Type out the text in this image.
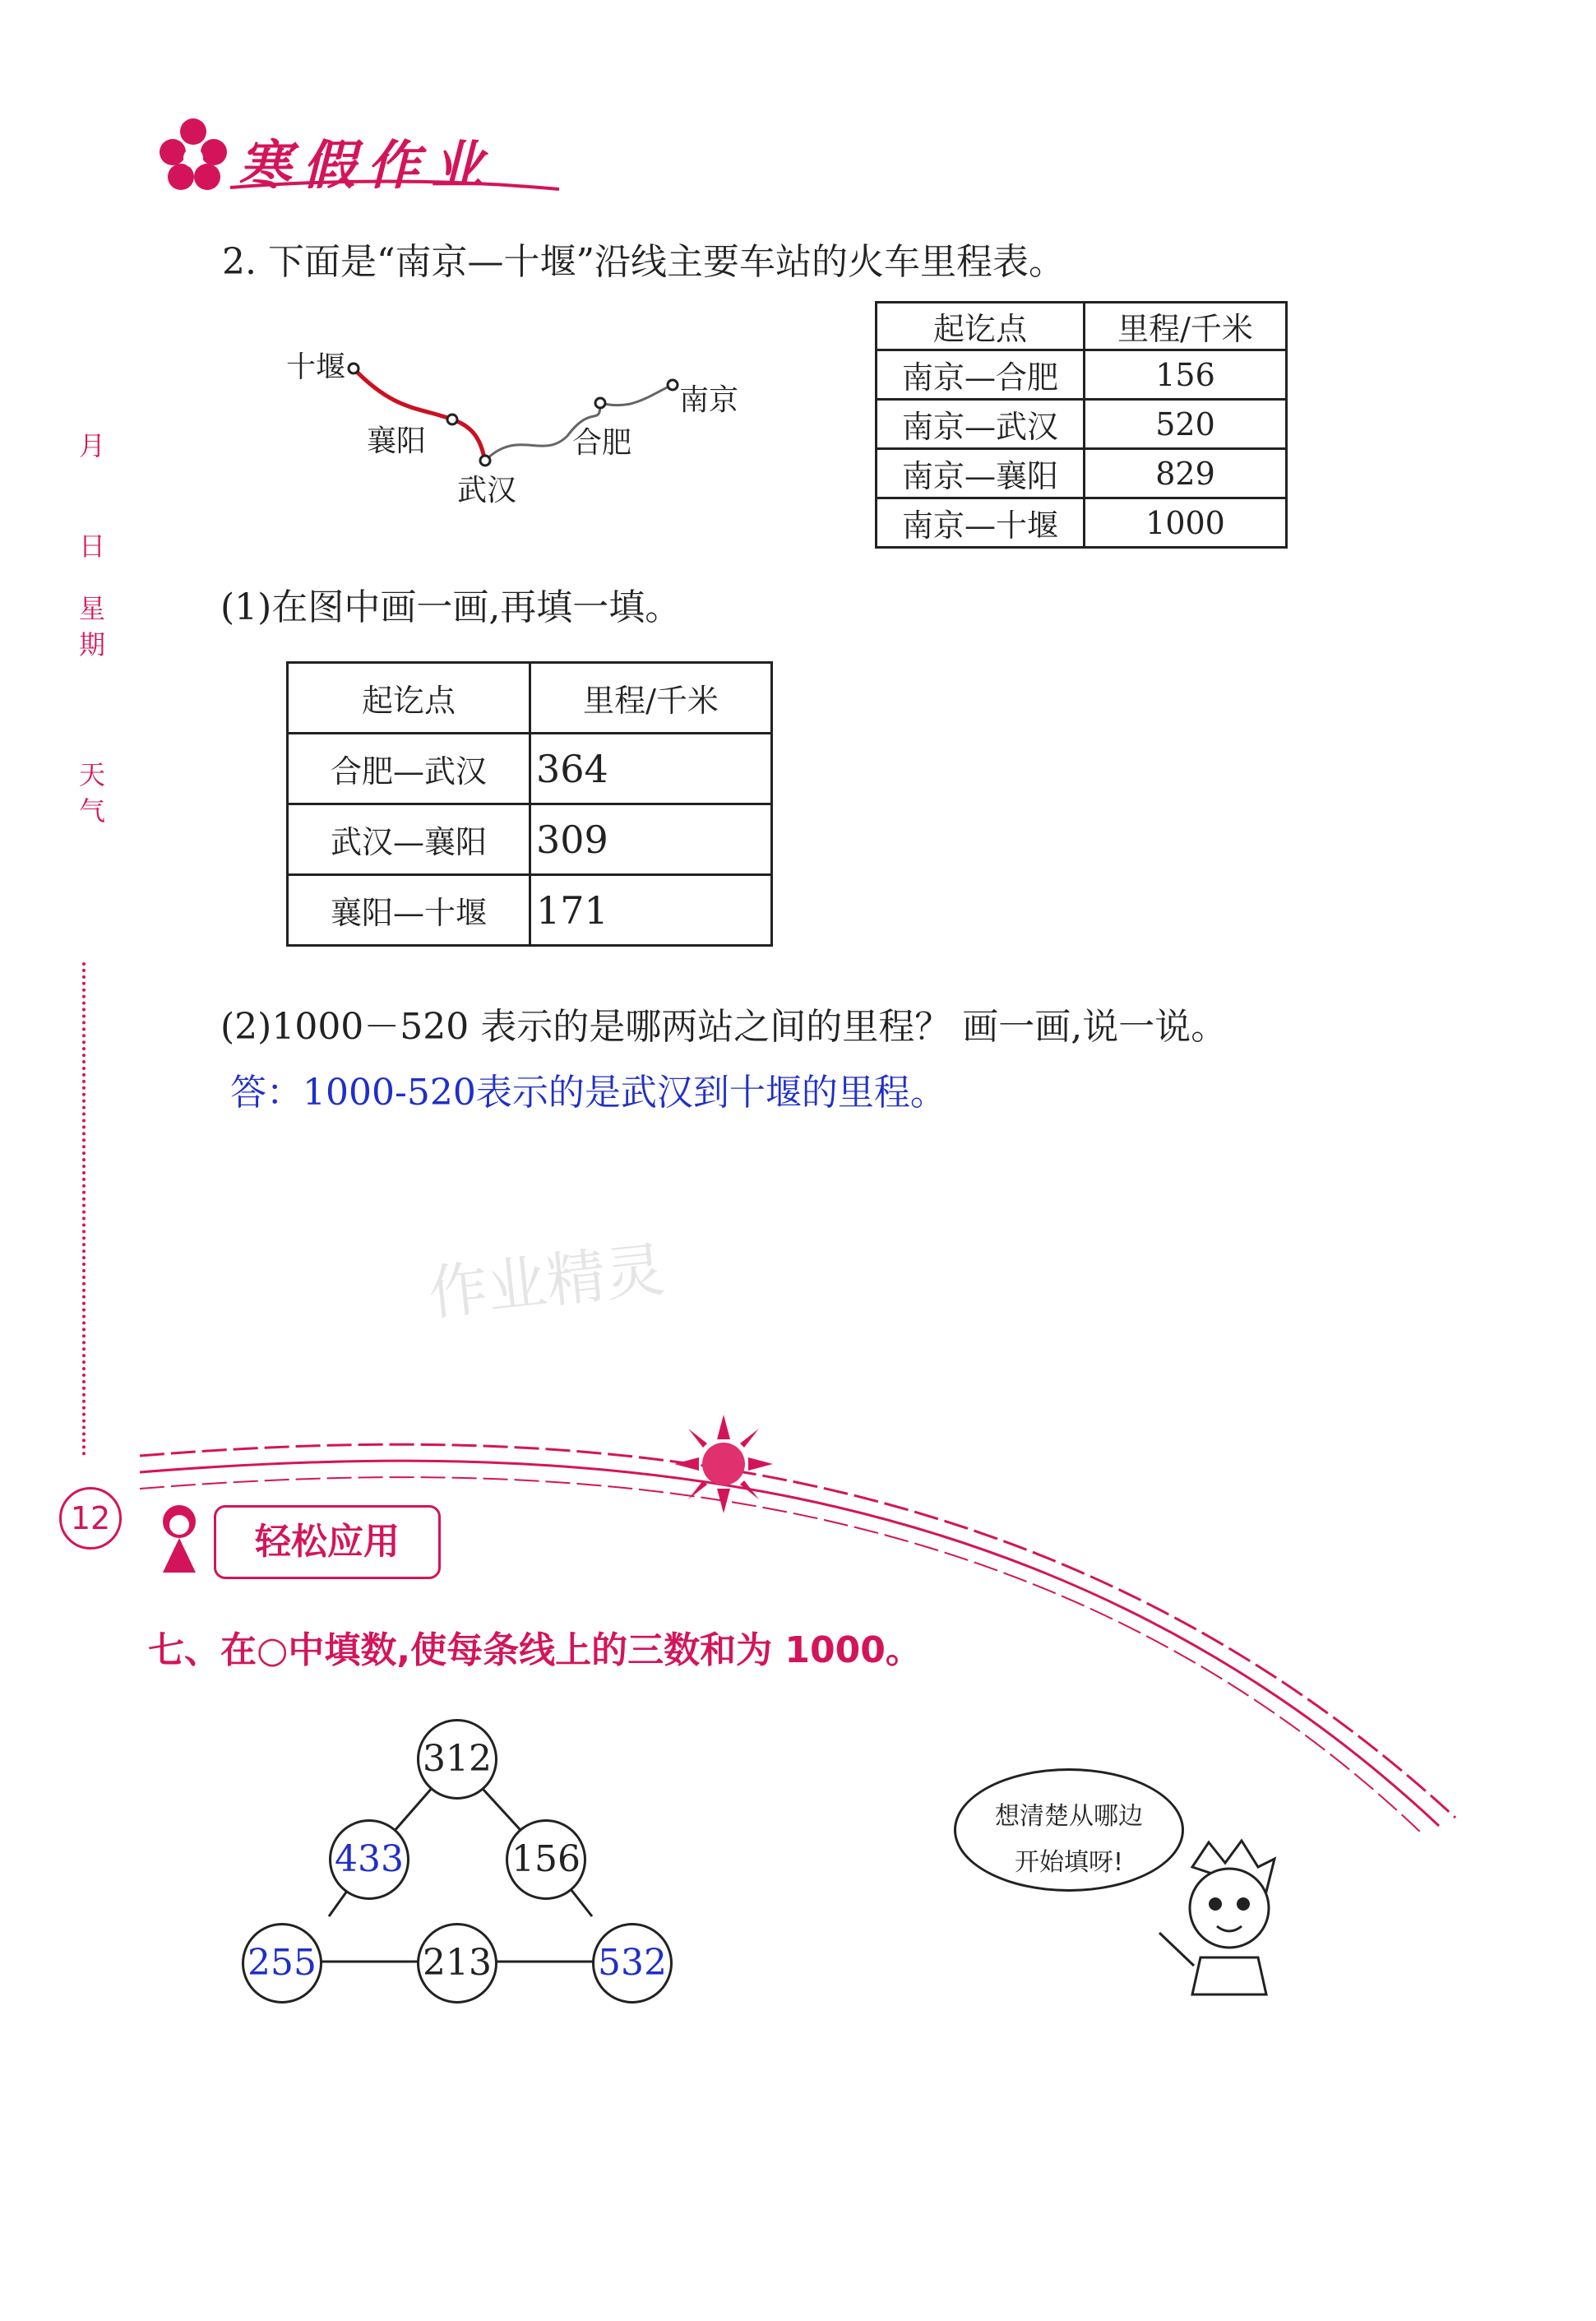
寒假作业
月
日
星期
天气
2. 下面是“南京—十堰”沿线主要车站的火车里程表。
十堰
襄阳
武汉
合肥
南京
起讫点	里程/千米
南京—合肥	156
南京—武汉	520
南京—襄阳	829
南京—十堰	1000
(1)在图中画一画,再填一填。
起讫点	里程/千米
合肥—武汉	364
武汉—襄阳	309
襄阳—十堰	171
(2)1000－520 表示的是哪两站之间的里程？ 画一画,说一说。
答：1000-520表示的是武汉到十堰的里程。
作业精灵
12
轻松应用
七、在○中填数,使每条线上的三数和为 1000。
312
433	156
255	213	532
想清楚从哪边
开始填呀!
